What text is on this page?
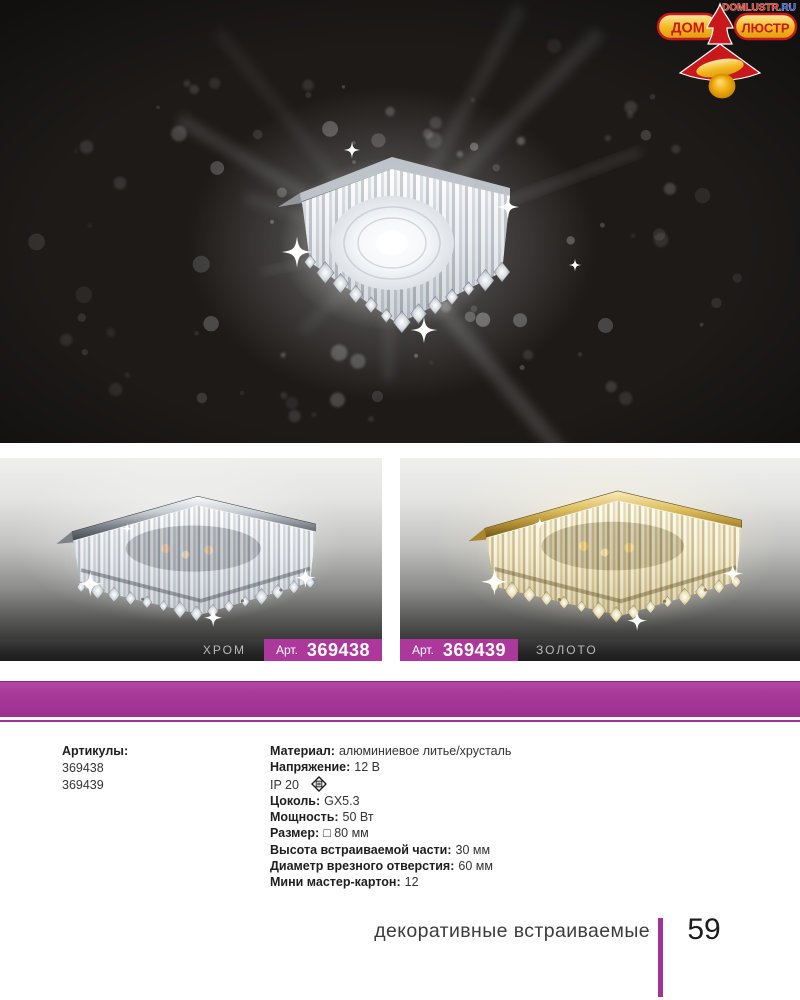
DOMLUSTR.RU
ДОМ	ЛЮСТР
ХРОМ	Арт. 369438	Арт. 369439	ЗОЛОТО
Артикулы:
369438
369439
Материал: алюминиевое литье/хрусталь
Напряжение: 12 В
IP 20
Цоколь: GX5.3
Мощность: 50 Вт
Размер: □ 80 мм
Высота встраиваемой части: 30 мм
Диаметр врезного отверстия: 60 мм
Мини мастер-картон: 12
декоративные встраиваемые	59
